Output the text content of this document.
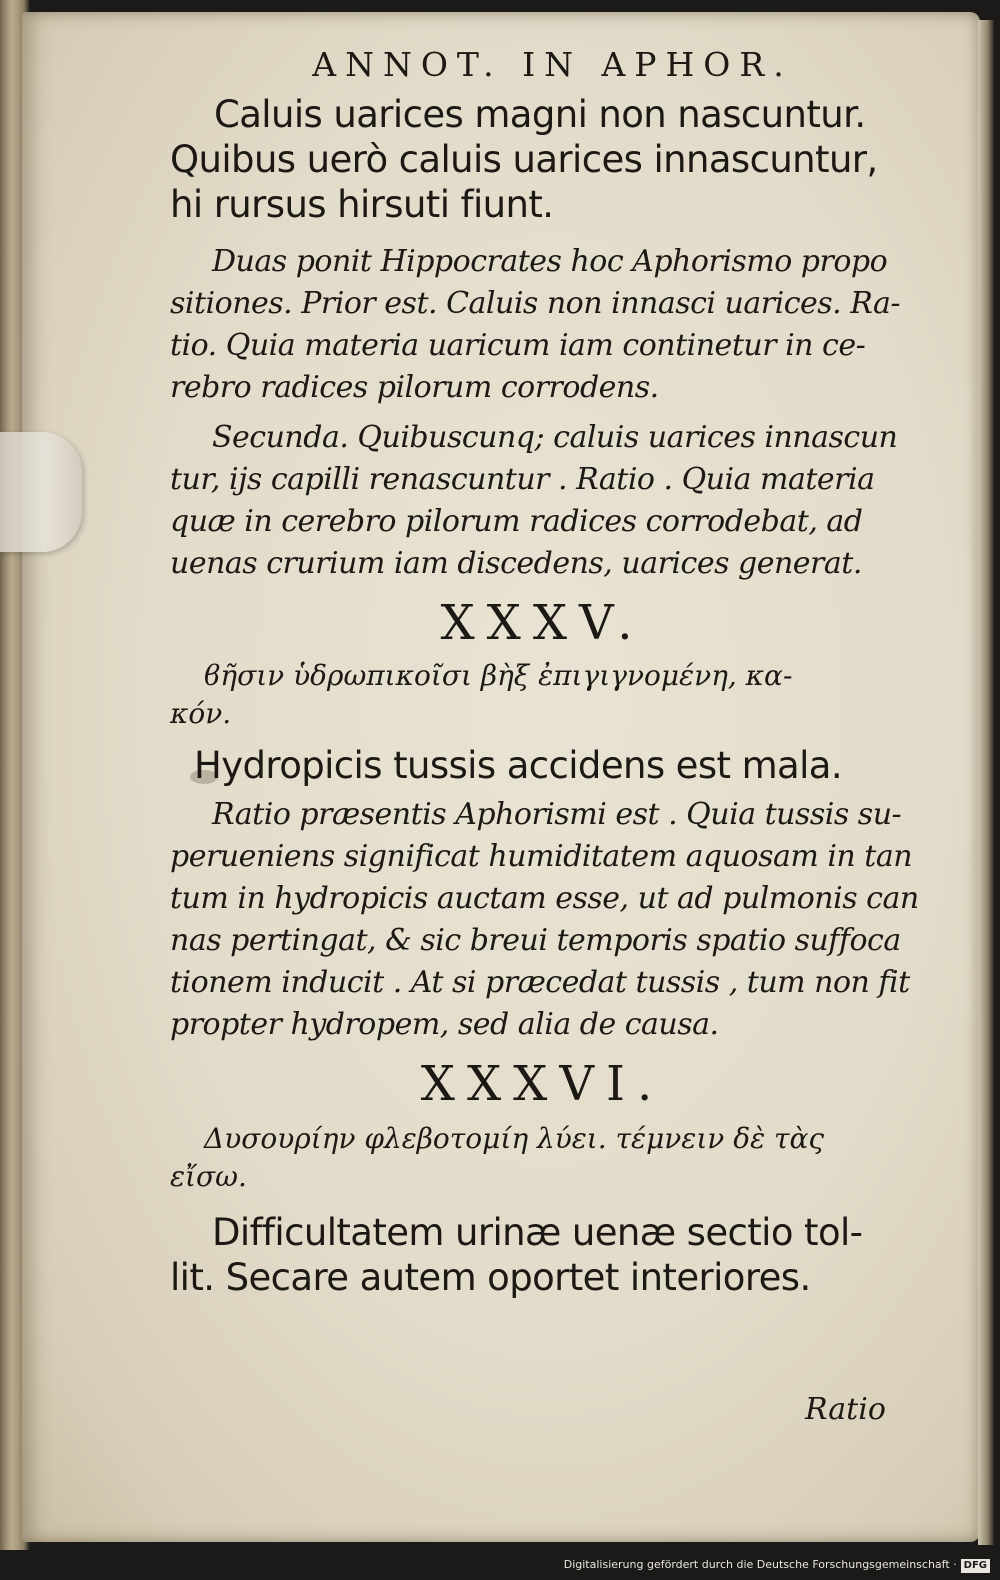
ANNOT. IN APHOR.
Caluis uarices magni non nascuntur.
Quibus uerò caluis uarices innascuntur,
hi rursus hirsuti fiunt.
Duas ponit Hippocrates hoc Aphorismo propo
sitiones. Prior est. Caluis non innasci uarices. Ra-
tio. Quia materia uaricum iam continetur in ce-
rebro radices pilorum corrodens.
Secunda. Quibuscunq; caluis uarices innascun
tur, ijs capilli renascuntur . Ratio . Quia materia
quæ in cerebro pilorum radices corrodebat, ad
uenas crurium iam discedens, uarices generat.
XXXV.
ϐῆσιν ὑδρωπικοῖσι βὴξ ἐπιγιγνομένη, κα-
κόν.
Hydropicis tussis accidens est mala.
Ratio præsentis Aphorismi est . Quia tussis su-
perueniens significat humiditatem aquosam in tan
tum in hydropicis auctam esse, ut ad pulmonis can
nas pertingat, & sic breui temporis spatio suffoca
tionem inducit . At si præcedat tussis , tum non fit
propter hydropem, sed alia de causa.
XXXVI.
Δυσουρίην φλεβοτομίη λύει. τέμνειν δὲ τὰς
εἴσω.
Difficultatem urinæ uenæ sectio tol-
lit. Secare autem oportet interiores.
Ratio
Digitalisierung gefördert durch die Deutsche Forschungsgemeinschaft · DFG
